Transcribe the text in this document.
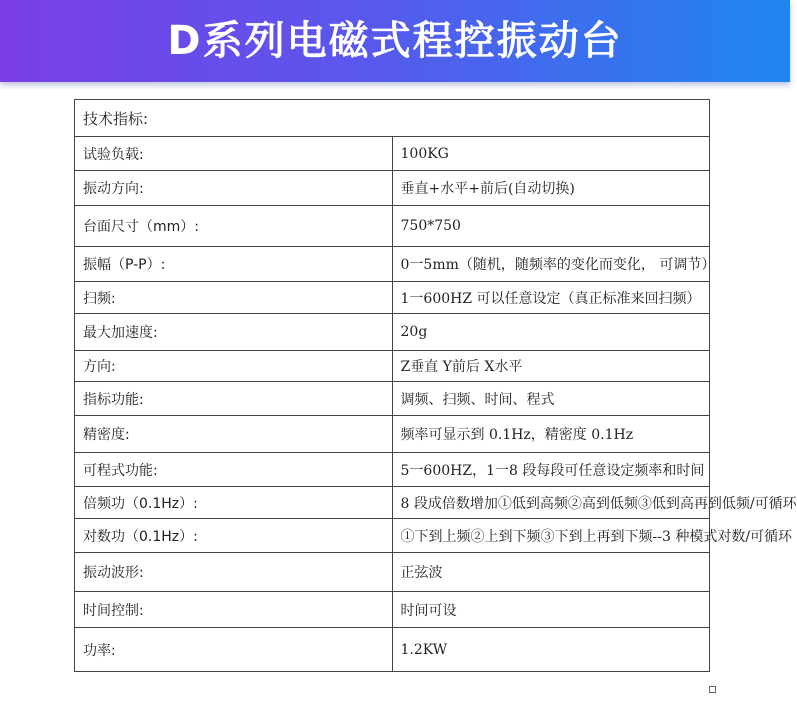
D系列电磁式程控振动台
技术指标:	
试验负载:	100KG
振动方向:	垂直+水平+前后(自动切换)
台面尺寸（mm）:	750*750
振幅（P-P）:	0一5mm（随机，随频率的变化而变化， 可调节）
扫频:	1一600HZ 可以任意设定（真正标准来回扫频）
最大加速度:	20g
方向:	Z垂直 Y前后 X水平
指标功能:	调频、扫频、时间、程式
精密度:	频率可显示到 0.1Hz，精密度 0.1Hz
可程式功能:	5一600HZ，1一8 段每段可任意设定频率和时间
倍频功（0.1Hz）:	8 段成倍数增加①低到高频②高到低频③低到高再到低频/可循环
对数功（0.1Hz）:	①下到上频②上到下频③下到上再到下频--3 种模式对数/可循环
振动波形:	正弦波
时间控制:	时间可设
功率:	1.2KW
